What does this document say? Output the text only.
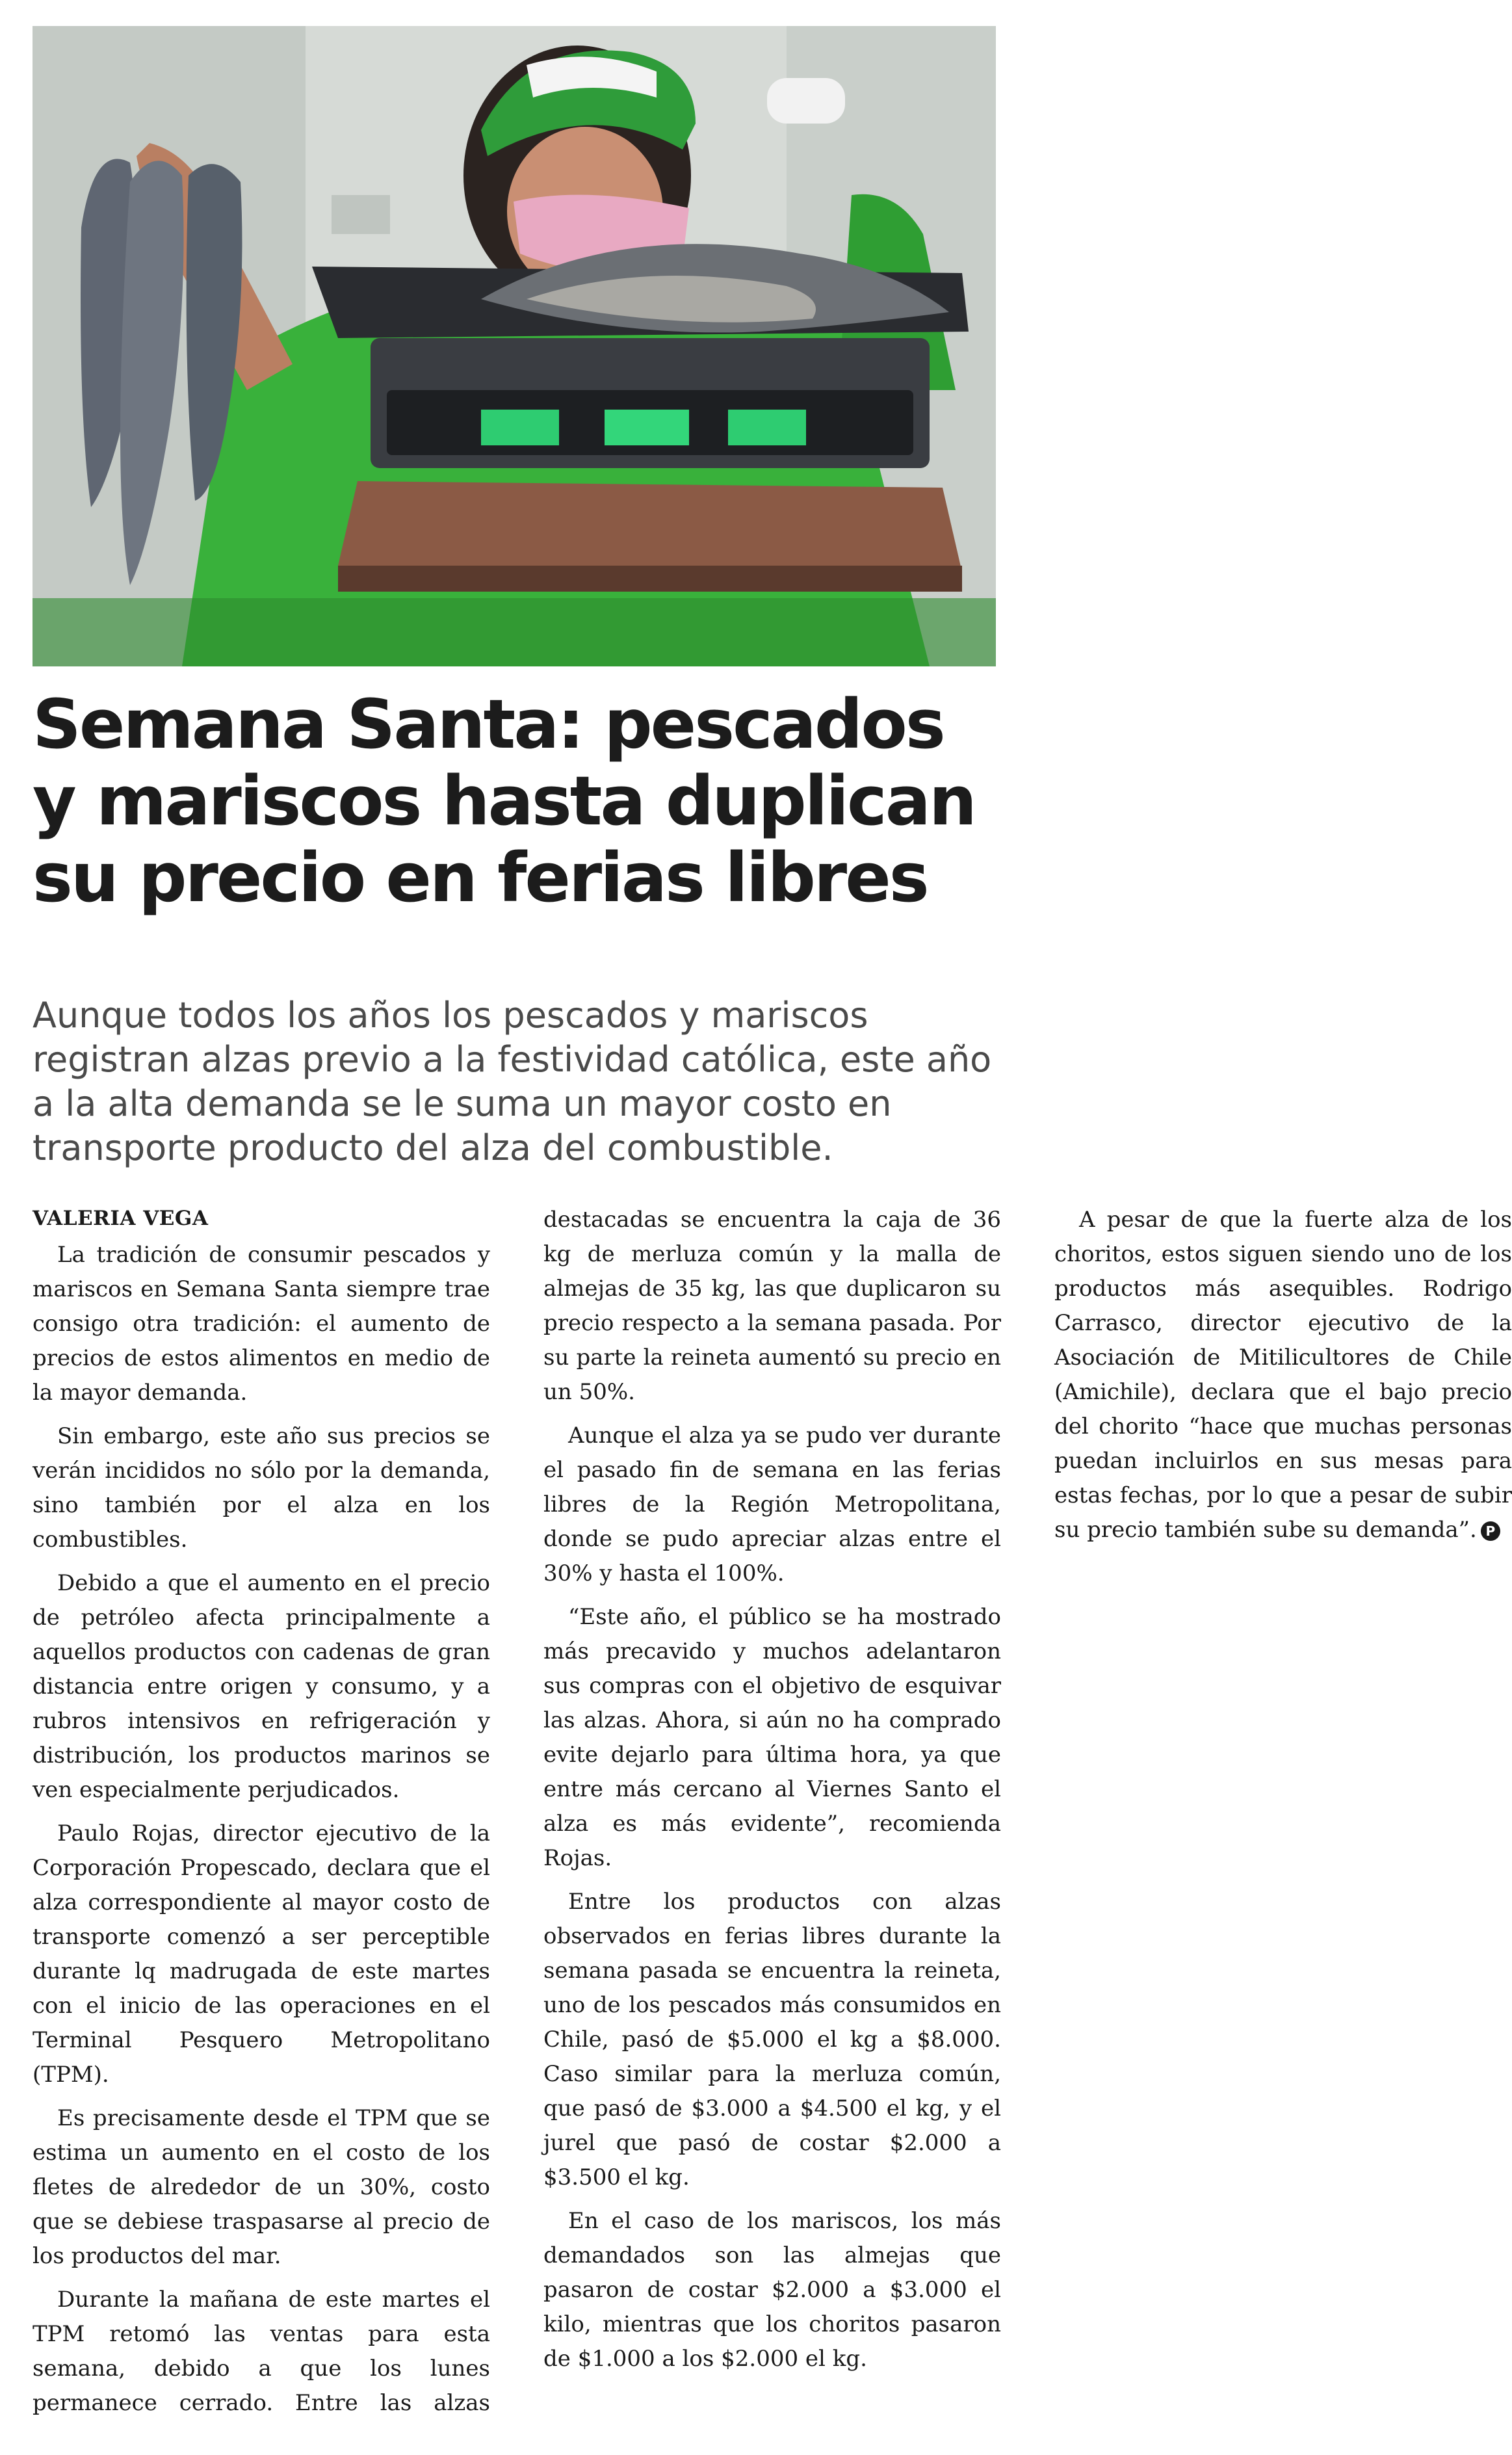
Semana Santa: pescados y mariscos hasta duplican su precio en ferias libres

Aunque todos los años los pescados y mariscos registran alzas previo a la festividad católica, este año a la alta demanda se le suma un mayor costo en transporte producto del alza del combustible.

VALERIA VEGA

La tradición de consumir pescados y mariscos en Semana Santa siempre trae consigo otra tradición: el aumento de precios de estos alimentos en medio de la mayor demanda.

Sin embargo, este año sus precios se verán incididos no sólo por la demanda, sino también por el alza en los combustibles.

Debido a que el aumento en el precio de petróleo afecta principalmente a aquellos productos con cadenas de gran distancia entre origen y consumo, y a rubros intensivos en refrigeración y distribución, los productos marinos se ven especialmente perjudicados.

Paulo Rojas, director ejecutivo de la Corporación Propescado, declara que el alza correspondiente al mayor costo de transporte comenzó a ser perceptible durante lq madrugada de este martes con el inicio de las operaciones en el Terminal Pesquero Metropolitano (TPM).

Es precisamente desde el TPM que se estima un aumento en el costo de los fletes de alrededor de un 30%, costo que se debiese traspasarse al precio de los productos del mar.

Durante la mañana de este martes el TPM retomó las ventas para esta semana, debido a que los lunes permanece cerrado. Entre las alzas destacadas se encuentra la caja de 36 kg de merluza común y la malla de almejas de 35 kg, las que duplicaron su precio respecto a la semana pasada. Por su parte la reineta aumentó su precio en un 50%.

Aunque el alza ya se pudo ver durante el pasado fin de semana en las ferias libres de la Región Metropolitana, donde se pudo apreciar alzas entre el 30% y hasta el 100%.

“Este año, el público se ha mostrado más precavido y muchos adelantaron sus compras con el objetivo de esquivar las alzas. Ahora, si aún no ha comprado evite dejarlo para última hora, ya que entre más cercano al Viernes Santo el alza es más evidente”, recomienda Rojas.

Entre los productos con alzas observados en ferias libres durante la semana pasada se encuentra la reineta, uno de los pescados más consumidos en Chile, pasó de $5.000 el kg a $8.000. Caso similar para la merluza común, que pasó de $3.000 a $4.500 el kg, y el jurel que pasó de costar $2.000 a $3.500 el kg.

En el caso de los mariscos, los más demandados son las almejas que pasaron de costar $2.000 a $3.000 el kilo, mientras que los choritos pasaron de $1.000 a los $2.000 el kg.

A pesar de que la fuerte alza de los choritos, estos siguen siendo uno de los productos más asequibles. Rodrigo Carrasco, director ejecutivo de la Asociación de Mitilicultores de Chile (Amichile), declara que el bajo precio del chorito “hace que muchas personas puedan incluirlos en sus mesas para estas fechas, por lo que a pesar de subir su precio también sube su demanda”. P
